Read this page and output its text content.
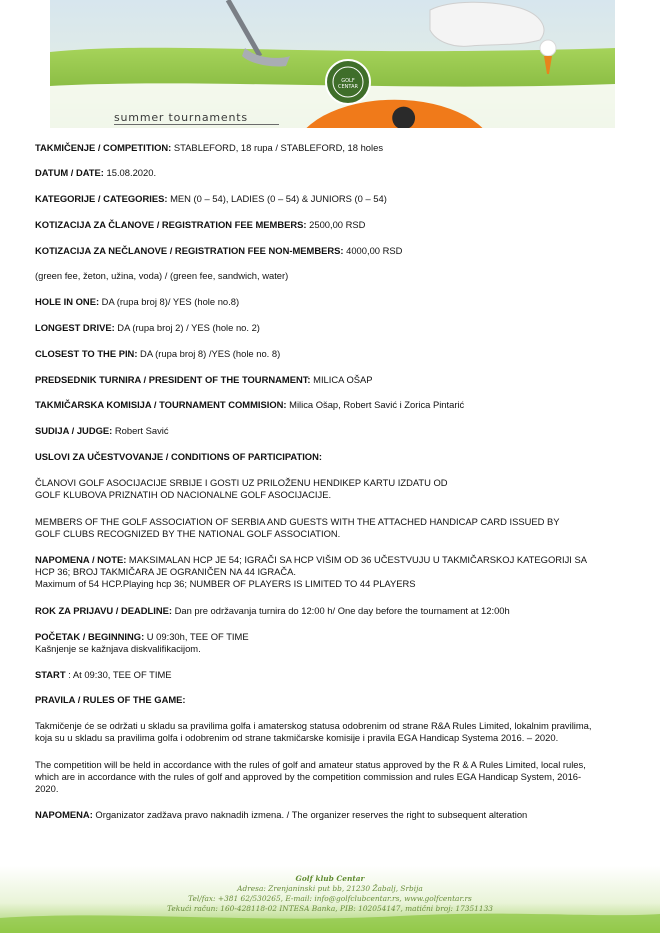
summer tournaments
GOLF CENTAR
TAKMIČENJE / COMPETITION: STABLEFORD, 18 rupa / STABLEFORD, 18 holes
DATUM / DATE: 15.08.2020.
KATEGORIJE / CATEGORIES: MEN (0 – 54), LADIES (0 – 54) & JUNIORS (0 – 54)
KOTIZACIJA ZA ČLANOVE / REGISTRATION FEE MEMBERS: 2500,00 RSD
KOTIZACIJA ZA NEČLANOVE / REGISTRATION FEE NON-MEMBERS: 4000,00 RSD
(green fee, žeton, užina, voda) / (green fee, sandwich, water)
HOLE IN ONE: DA (rupa broj 8)/ YES (hole no.8)
LONGEST DRIVE: DA (rupa broj 2) / YES (hole no. 2)
CLOSEST TO THE PIN: DA (rupa broj 8) /YES (hole no. 8)
PREDSEDNIK TURNIRA / PRESIDENT OF THE TOURNAMENT: MILICA OŠAP
TAKMIČARSKA KOMISIJA / TOURNAMENT COMMISION: Milica Ošap, Robert Savić i Zorica Pintarić
SUDIJA / JUDGE: Robert Savić
USLOVI ZA UČESTVOVANJE / CONDITIONS OF PARTICIPATION:
ČLANOVI GOLF ASOCIJACIJE SRBIJE I GOSTI UZ PRILOŽENU HENDIKEP KARTU IZDATU OD
GOLF KLUBOVA PRIZNATIH OD NACIONALNE GOLF ASOCIJACIJE.
MEMBERS OF THE GOLF ASSOCIATION OF SERBIA AND GUESTS WITH THE ATTACHED HANDICAP CARD ISSUED BY
GOLF CLUBS RECOGNIZED BY THE NATIONAL GOLF ASSOCIATION.
NAPOMENA / NOTE: MAKSIMALAN HCP JE 54; IGRAČI SA HCP VIŠIM OD 36 UČESTVUJU U TAKMIČARSKOJ KATEGORIJI SA
HCP 36; BROJ TAKMIČARA JE OGRANIČEN NA 44 IGRAČA.
Maximum of 54 HCP.Playing hcp 36; NUMBER OF PLAYERS IS LIMITED TO 44 PLAYERS
ROK ZA PRIJAVU / DEADLINE: Dan pre održavanja turnira do 12:00 h/ One day before the tournament at 12:00h
POČETAK / BEGINNING: U 09:30h, TEE OF TIME
Kašnjenje se kažnjava diskvalifikacijom.
START : At 09:30, TEE OF TIME
PRAVILA / RULES OF THE GAME:
Takmičenje će se održati u skladu sa pravilima golfa i amaterskog statusa odobrenim od strane R&A Rules Limited, lokalnim pravilima,
koja su u skladu sa pravilima golfa i odobrenim od strane takmičarske komisije i pravila EGA Handicap Systema 2016. – 2020.
The competition will be held in accordance with the rules of golf and amateur status approved by the R & A Rules Limited, local rules,
which are in accordance with the rules of golf and approved by the competition commission and rules EGA Handicap System, 2016-
2020.
NAPOMENA: Organizator zadžava pravo naknadih izmena. / The organizer reserves the right to subsequent alteration
Golf klub Centar
Adresa: Zrenjaninski put bb, 21230 Žabalj, Srbija
Tel/fax: +381 62/530265, E-mail: info@golfclubcentar.rs, www.golfcentar.rs
Tekući račun: 160-428118-02 INTESA Banka, PIB: 102054147, matični broj: 17351133
